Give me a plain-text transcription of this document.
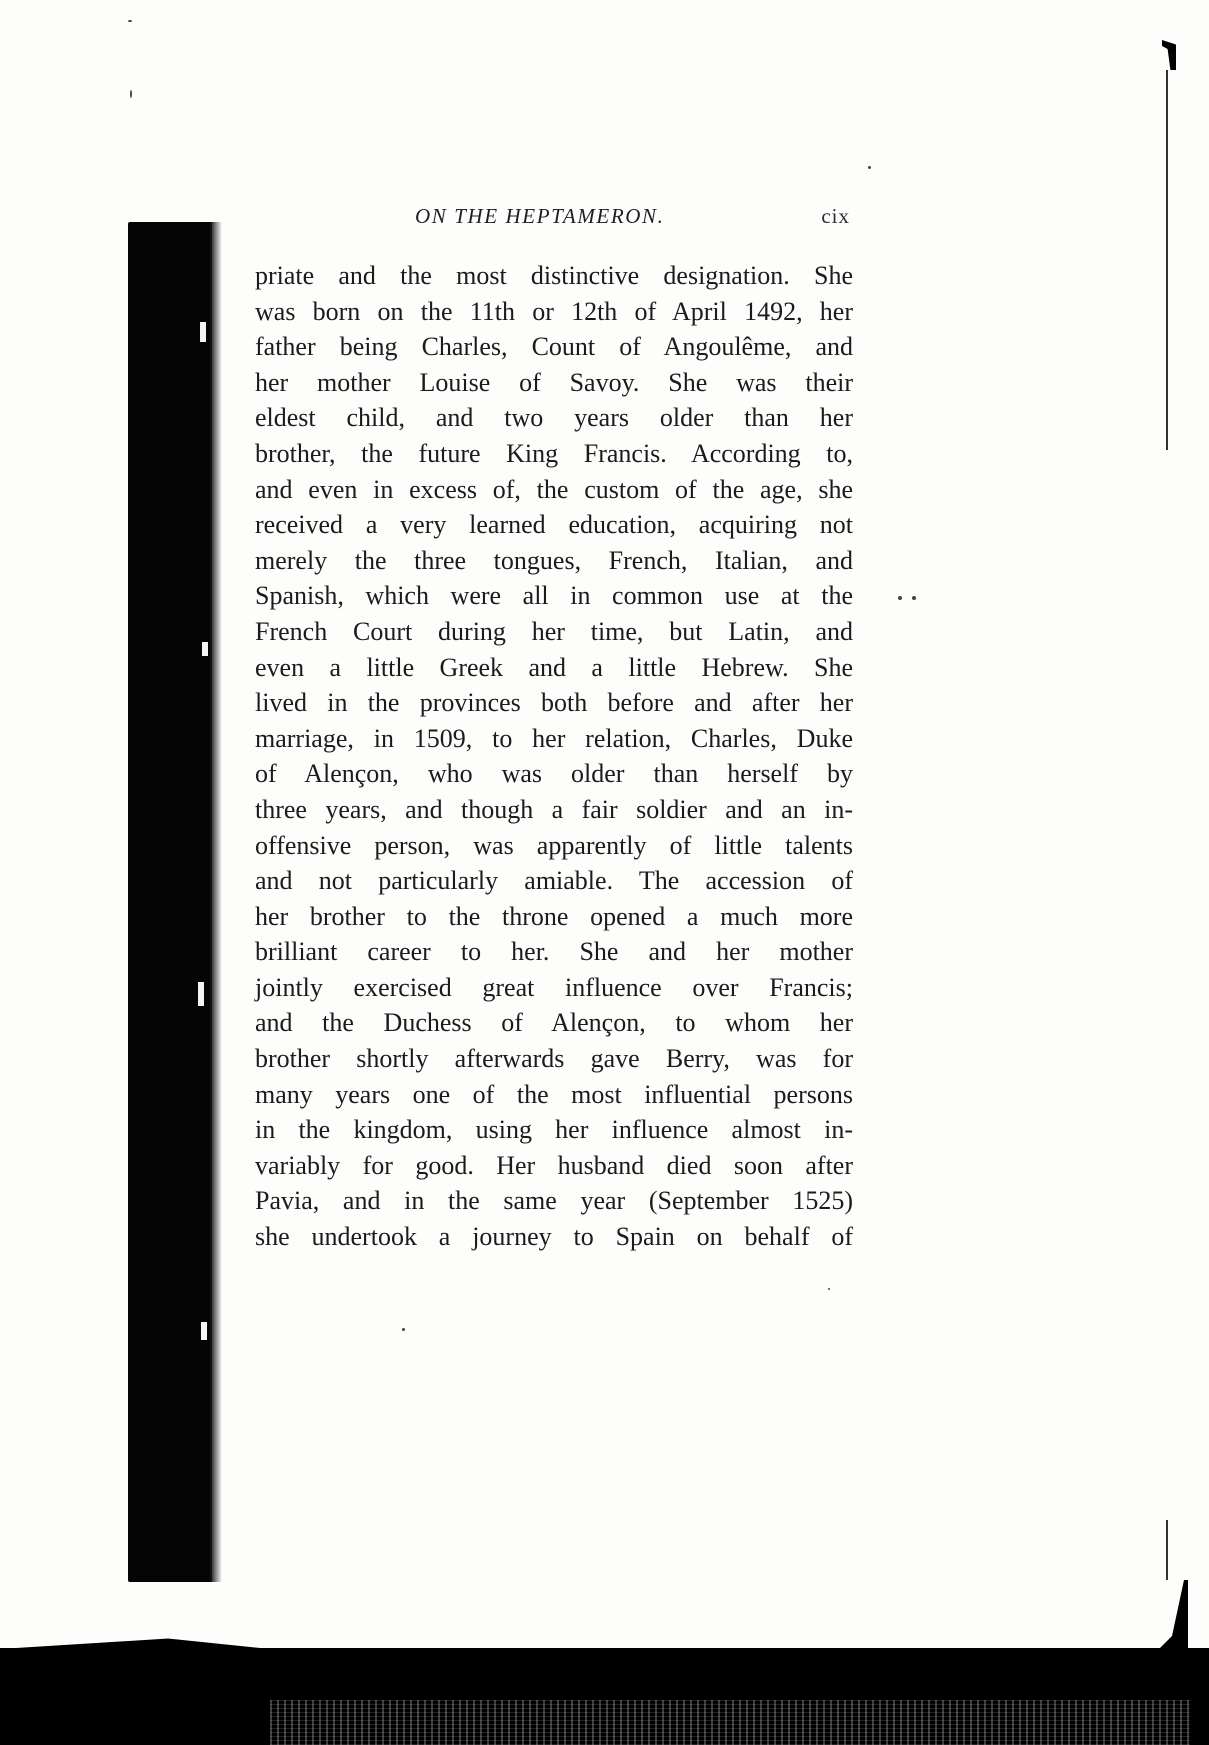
ON THE HEPTAMERON.	cix
priate and the most distinctive designation. She
was born on the 11th or 12th of April 1492, her
father being Charles, Count of Angoulême, and
her mother Louise of Savoy. She was their
eldest child, and two years older than her
brother, the future King Francis. According to,
and even in excess of, the custom of the age, she
received a very learned education, acquiring not
merely the three tongues, French, Italian, and
Spanish, which were all in common use at the
French Court during her time, but Latin, and
even a little Greek and a little Hebrew. She
lived in the provinces both before and after her
marriage, in 1509, to her relation, Charles, Duke
of Alençon, who was older than herself by
three years, and though a fair soldier and an in-
offensive person, was apparently of little talents
and not particularly amiable. The accession of
her brother to the throne opened a much more
brilliant career to her. She and her mother
jointly exercised great influence over Francis;
and the Duchess of Alençon, to whom her
brother shortly afterwards gave Berry, was for
many years one of the most influential persons
in the kingdom, using her influence almost in-
variably for good. Her husband died soon after
Pavia, and in the same year (September 1525)
she undertook a journey to Spain on behalf of
